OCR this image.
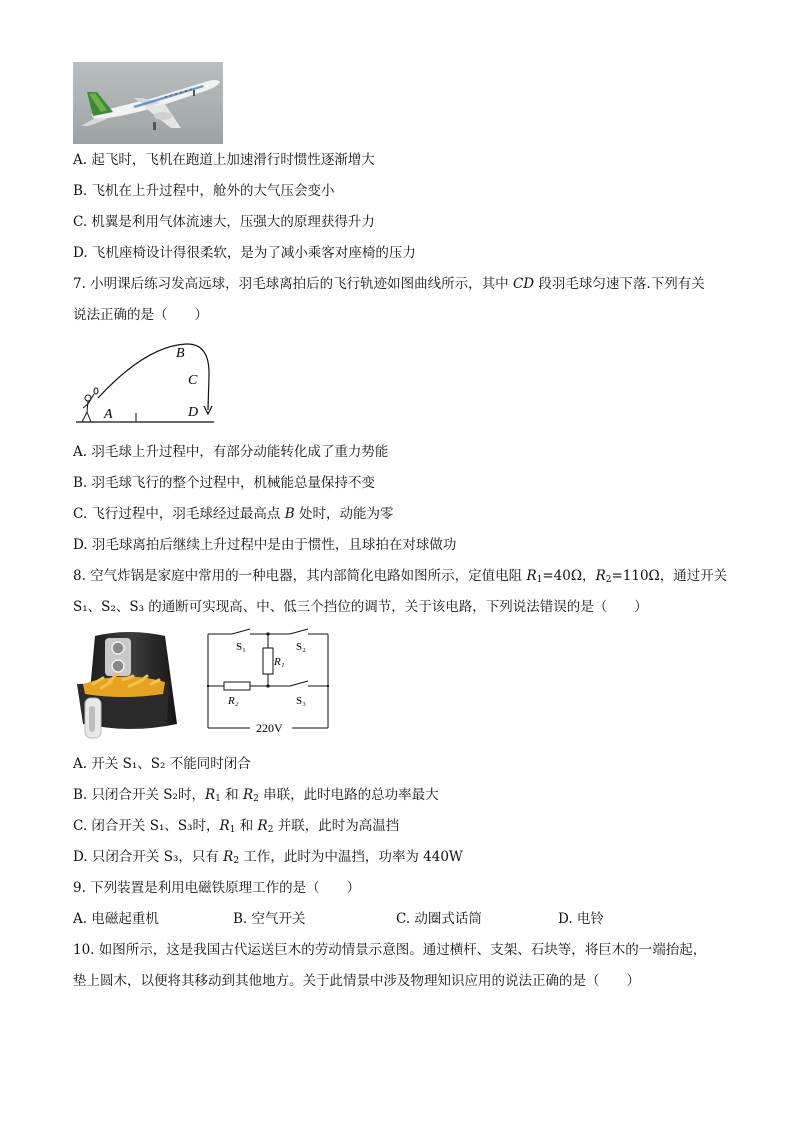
A. 起飞时，飞机在跑道上加速滑行时惯性逐渐增大
B. 飞机在上升过程中，舱外的大气压会变小
C. 机翼是利用气体流速大，压强大的原理获得升力
D. 飞机座椅设计得很柔软，是为了减小乘客对座椅的压力
7. 小明课后练习发高远球，羽毛球离拍后的飞行轨迹如图曲线所示，其中 CD 段羽毛球匀速下落.下列有关
说法正确的是（　　）
A
B
C
D
A. 羽毛球上升过程中，有部分动能转化成了重力势能
B. 羽毛球飞行的整个过程中，机械能总量保持不变
C. 飞行过程中，羽毛球经过最高点 B 处时，动能为零
D. 羽毛球离拍后继续上升过程中是由于惯性，且球拍在对球做功
8. 空气炸锅是家庭中常用的一种电器，其内部简化电路如图所示，定值电阻 $R_1=40\Omega$，$R_2=110\Omega$，通过开关
S₁、S₂、S₃ 的通断可实现高、中、低三个挡位的调节，关于该电路，下列说法错误的是（　　）
S₁	S₂
R₁
R₂	S₃
220V
A. 开关 S₁、S₂ 不能同时闭合
B. 只闭合开关 S₂时，$R_1$ 和 $R_2$ 串联，此时电路的总功率最大
C. 闭合开关 S₁、S₃时，$R_1$ 和 $R_2$ 并联，此时为高温挡
D. 只闭合开关 S₃，只有 $R_2$ 工作，此时为中温挡，功率为 440W
9. 下列装置是利用电磁铁原理工作的是（　　）
A. 电磁起重机	B. 空气开关	C. 动圈式话筒	D. 电铃
10. 如图所示，这是我国古代运送巨木的劳动情景示意图。通过横杆、支架、石块等，将巨木的一端抬起，
垫上圆木，以便将其移动到其他地方。关于此情景中涉及物理知识应用的说法正确的是（　　）
